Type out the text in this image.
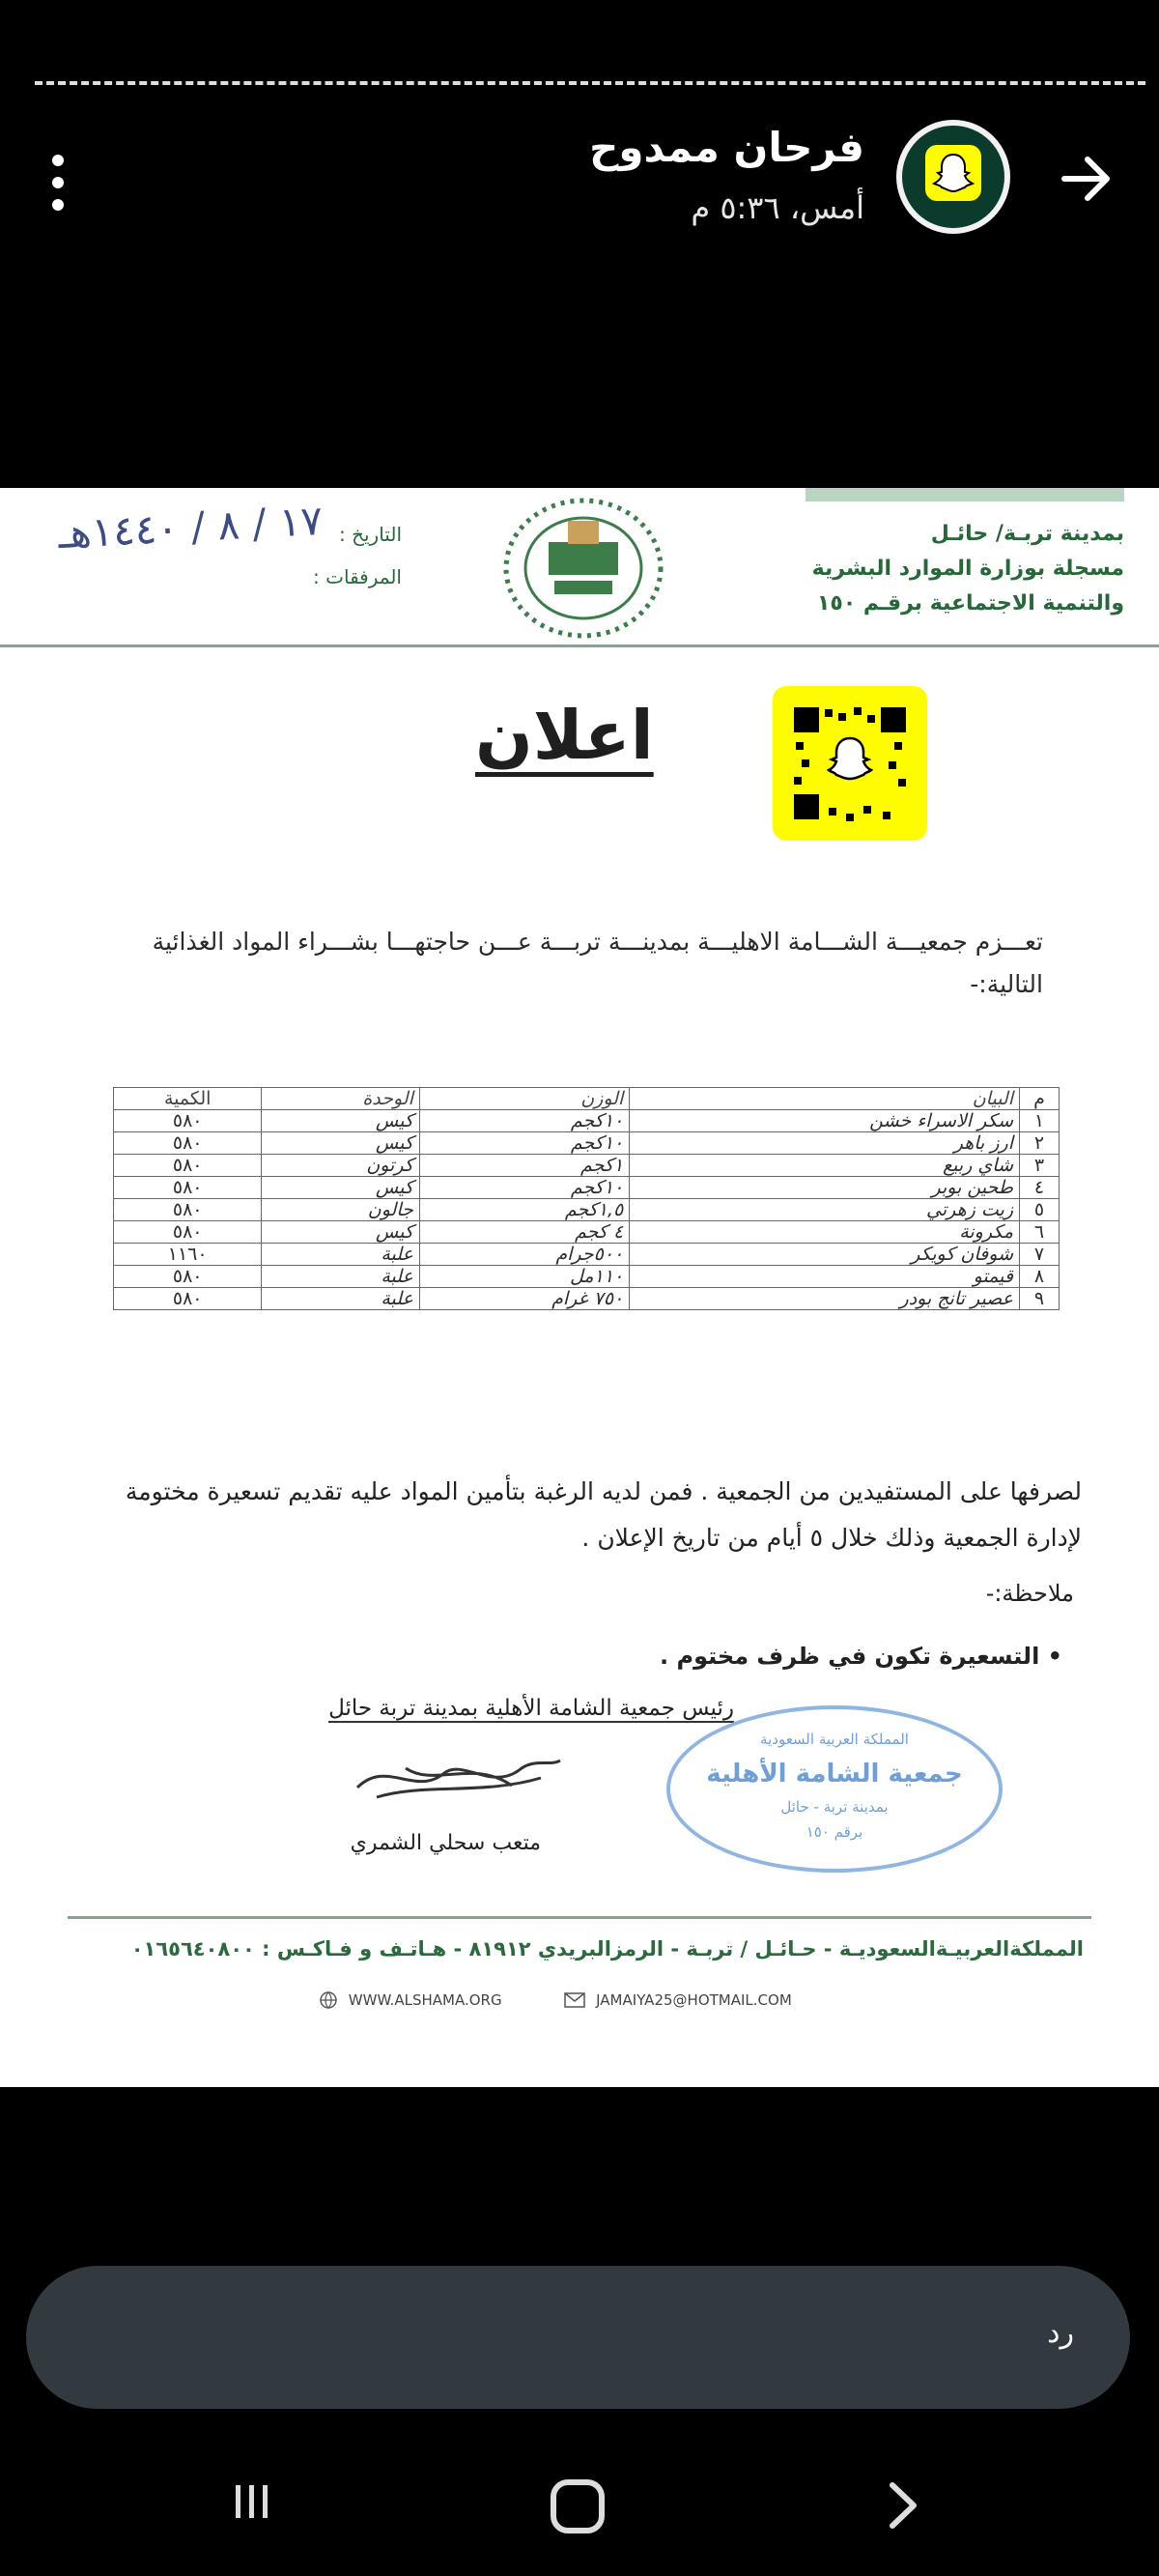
فرحان ممدوح
أمس، ٥:٣٦ م
بمدينة تربـة/ حائـل
مسجلة بوزارة الموارد البشرية
والتنمية الاجتماعية برقـم ١٥٠
التاريخ :
المرفقات :
١٧ / ٨ / ١٤٤٠هـ
اعلان
تعـــزم جمعيـــة الشـــامة الاهليـــة بمدينـــة تربـــة عـــن حاجتهـــا بشـــراء المواد الغذائية التالية:-
م	البيان	الوزن	الوحدة	الكمية
١	سكر الاسراء خشن	١٠كجم	كيس	٥٨٠
٢	ارز باهر	١٠كجم	كيس	٥٨٠
٣	شاي ربيع	١كجم	كرتون	٥٨٠
٤	طحين بوبر	١٠كجم	كيس	٥٨٠
٥	زيت زهرتي	١,٥كجم	جالون	٥٨٠
٦	مكرونة	٤ كجم	كيس	٥٨٠
٧	شوفان كويكر	٥٠٠جرام	علبة	١١٦٠
٨	قيمتو	١١٠مل	علبة	٥٨٠
٩	عصير تانج بودر	٧٥٠ غرام	علبة	٥٨٠
لصرفها على المستفيدين من الجمعية . فمن لديه الرغبة بتأمين المواد عليه تقديم تسعيرة مختومة لإدارة الجمعية وذلك خلال ٥ أيام من تاريخ الإعلان .
ملاحظة:-
• التسعيرة تكون في ظرف مختوم .
رئيس جمعية الشامة الأهلية بمدينة تربة حائل
المملكة العربية السعودية
جمعية الشامة الأهلية
بمدينة تربة - حائل
برقم ١٥٠
متعب سحلي الشمري
المملكةالعربيـةالسعوديـة - حـائـل / تربـة - الرمزالبريدي ٨١٩١٢ - هـاتـف و فـاكـس : ٠١٦٥٦٤٠٨٠٠
WWW.ALSHAMA.ORG	JAMAIYA25@HOTMAIL.COM
رد
